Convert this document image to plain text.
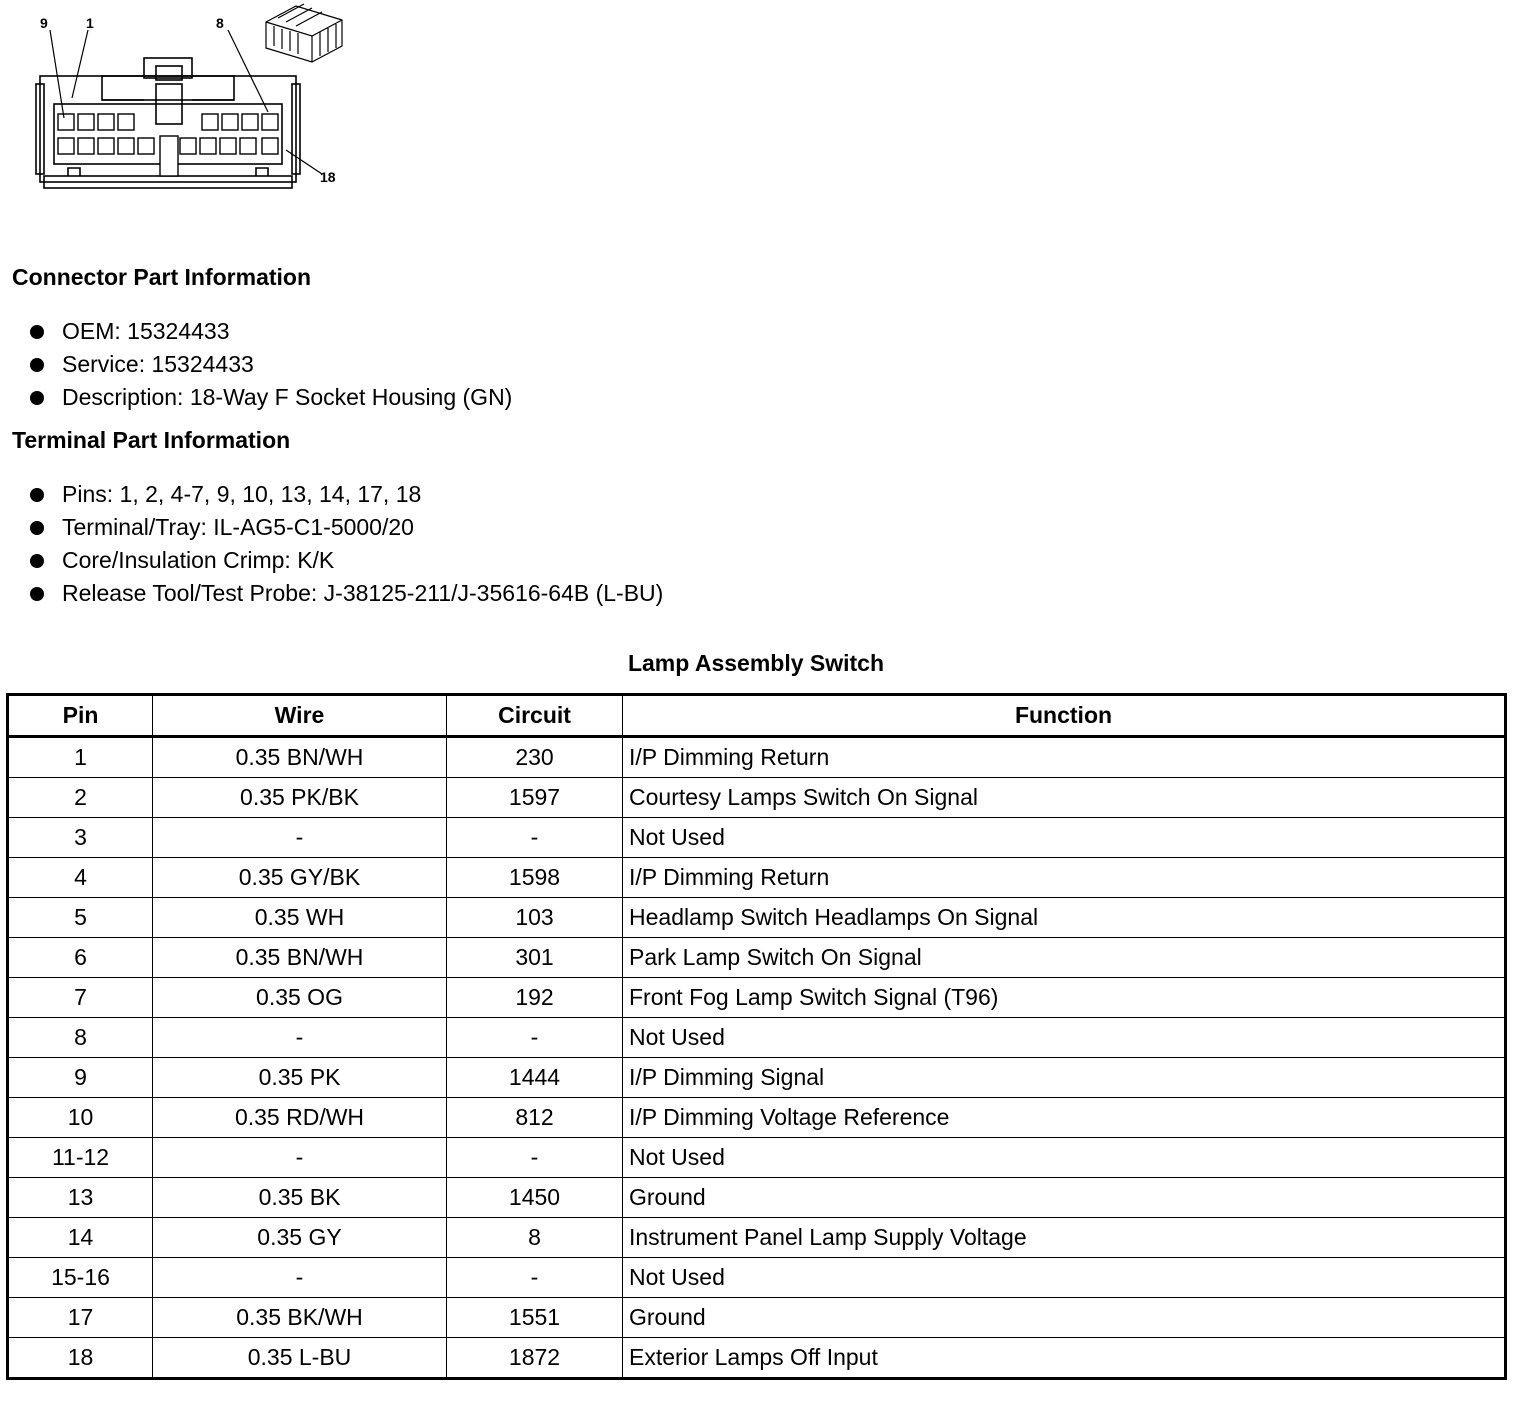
9	1	8
18
Connector Part Information
OEM: 15324433
Service: 15324433
Description: 18-Way F Socket Housing (GN)
Terminal Part Information
Pins: 1, 2, 4-7, 9, 10, 13, 14, 17, 18
Terminal/Tray: IL-AG5-C1-5000/20
Core/Insulation Crimp: K/K
Release Tool/Test Probe: J-38125-211/J-35616-64B (L-BU)
Lamp Assembly Switch
Pin	Wire	Circuit	Function
1	0.35 BN/WH	230	I/P Dimming Return
2	0.35 PK/BK	1597	Courtesy Lamps Switch On Signal
3	-	-	Not Used
4	0.35 GY/BK	1598	I/P Dimming Return
5	0.35 WH	103	Headlamp Switch Headlamps On Signal
6	0.35 BN/WH	301	Park Lamp Switch On Signal
7	0.35 OG	192	Front Fog Lamp Switch Signal (T96)
8	-	-	Not Used
9	0.35 PK	1444	I/P Dimming Signal
10	0.35 RD/WH	812	I/P Dimming Voltage Reference
11-12	-	-	Not Used
13	0.35 BK	1450	Ground
14	0.35 GY	8	Instrument Panel Lamp Supply Voltage
15-16	-	-	Not Used
17	0.35 BK/WH	1551	Ground
18	0.35 L-BU	1872	Exterior Lamps Off Input
